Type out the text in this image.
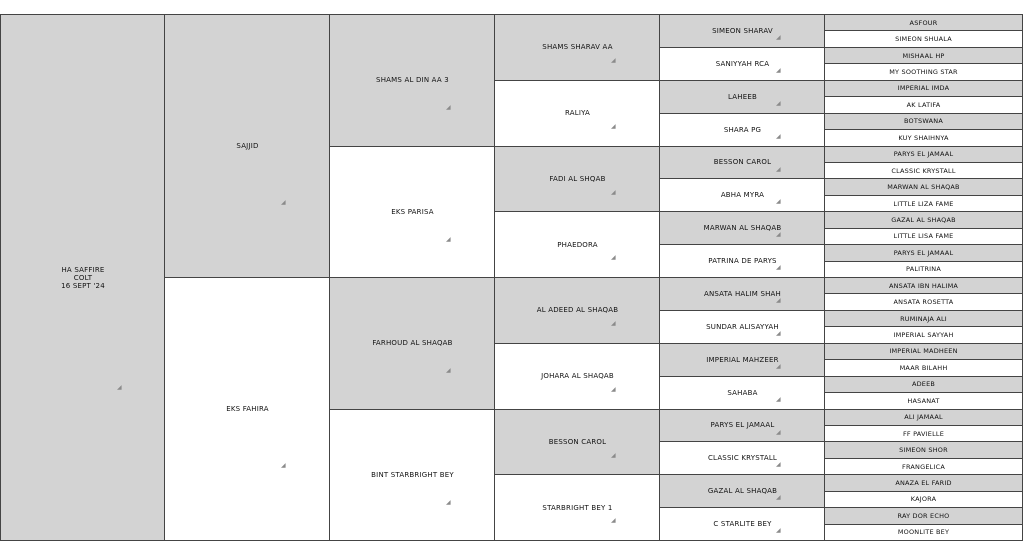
HA SAFFIRE
COLT
16 SEPT '24
◢
SAJJID
◢
EKS FAHIRA
◢
SHAMS AL DIN AA 3
◢
EKS PARISA
◢
FARHOUD AL SHAQAB
◢
BINT STARBRIGHT BEY
◢
SHAMS SHARAV AA
◢
RALIYA
◢
FADI AL SHQAB
◢
PHAEDORA
◢
AL ADEED AL SHAQAB
◢
JOHARA AL SHAQAB
◢
BESSON CAROL
◢
STARBRIGHT BEY 1
◢
SIMEON SHARAV
◢
SANIYYAH RCA
◢
LAHEEB
◢
SHARA PG
◢
BESSON CAROL
◢
ABHA MYRA
◢
MARWAN AL SHAQAB
◢
PATRINA DE PARYS
◢
ANSATA HALIM SHAH
◢
SUNDAR ALISAYYAH
◢
IMPERIAL MAHZEER
◢
SAHABA
◢
PARYS EL JAMAAL
◢
CLASSIC KRYSTALL
◢
GAZAL AL SHAQAB
◢
C STARLITE BEY
◢
ASFOUR
SIMEON SHUALA
MISHAAL HP
MY SOOTHING STAR
IMPERIAL IMDA
AK LATIFA
BOTSWANA
KUY SHAIHNYA
PARYS EL JAMAAL
CLASSIC KRYSTALL
MARWAN AL SHAQAB
LITTLE LIZA FAME
GAZAL AL SHAQAB
LITTLE LISA FAME
PARYS EL JAMAAL
PALITRINA
ANSATA IBN HALIMA
ANSATA ROSETTA
RUMINAJA ALI
IMPERIAL SAYYAH
IMPERIAL MADHEEN
MAAR BILAHH
ADEEB
HASANAT
ALI JAMAAL
FF PAVIELLE
SIMEON SHOR
FRANGELICA
ANAZA EL FARID
KAJORA
RAY DOR ECHO
MOONLITE BEY
